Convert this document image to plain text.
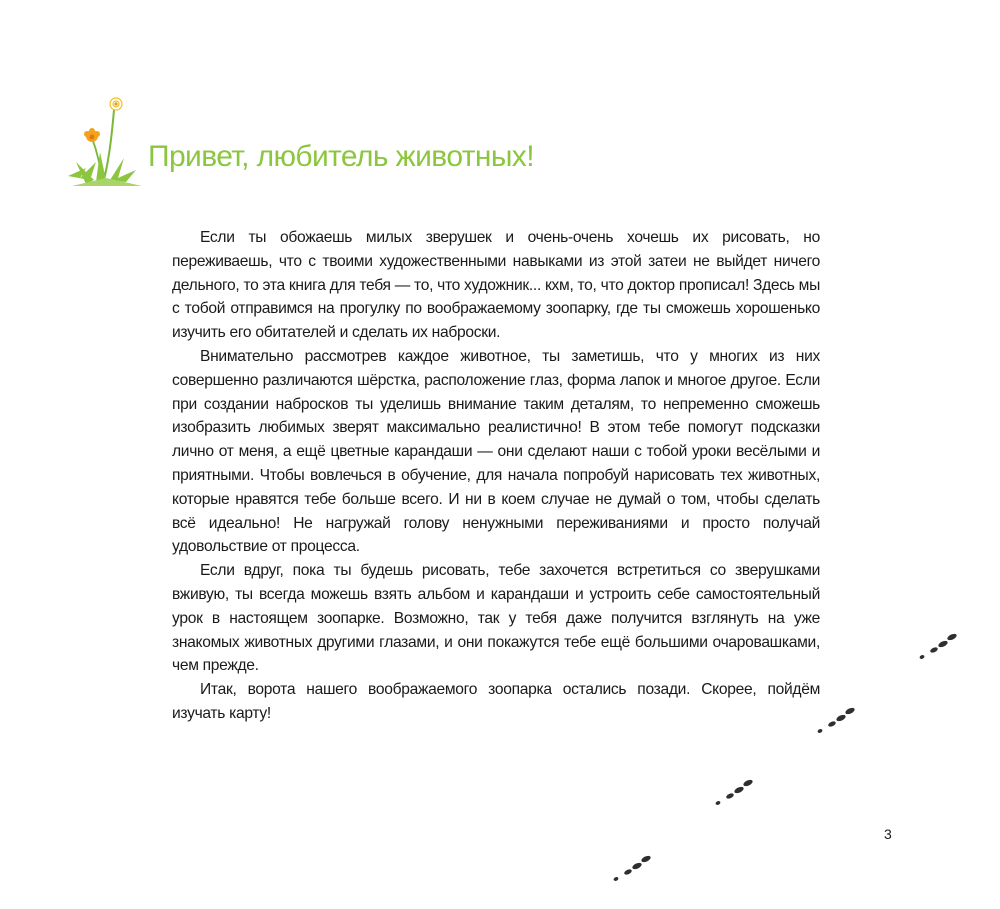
Привет, любитель животных!

Если ты обожаешь милых зверушек и очень-очень хочешь их рисовать, но переживаешь, что с твоими художественными навыками из этой затеи не выйдет ничего дельного, то эта книга для тебя — то, что художник... кхм, то, что доктор прописал! Здесь мы с тобой отправимся на прогулку по воображаемому зоопарку, где ты сможешь хорошенько изучить его обитателей и сделать их наброски.

Внимательно рассмотрев каждое животное, ты заметишь, что у многих из них совершенно различаются шёрстка, расположение глаз, форма лапок и многое другое. Если при создании набросков ты уделишь внимание таким деталям, то непременно сможешь изобразить любимых зверят максимально реалистично! В этом тебе помогут подсказки лично от меня, а ещё цветные карандаши — они сделают наши с тобой уроки весёлыми и приятными. Чтобы вовлечься в обучение, для начала попробуй нарисовать тех животных, которые нравятся тебе больше всего. И ни в коем случае не думай о том, чтобы сделать всё идеально! Не нагружай голову ненужными переживаниями и просто получай удовольствие от процесса.

Если вдруг, пока ты будешь рисовать, тебе захочется встретиться со зверушками вживую, ты всегда можешь взять альбом и карандаши и устроить себе самостоятельный урок в настоящем зоопарке. Возможно, так у тебя даже получится взглянуть на уже знакомых животных другими глазами, и они покажутся тебе ещё большими очаровашками, чем прежде.

Итак, ворота нашего воображаемого зоопарка остались позади. Скорее, пойдём изучать карту!

3
